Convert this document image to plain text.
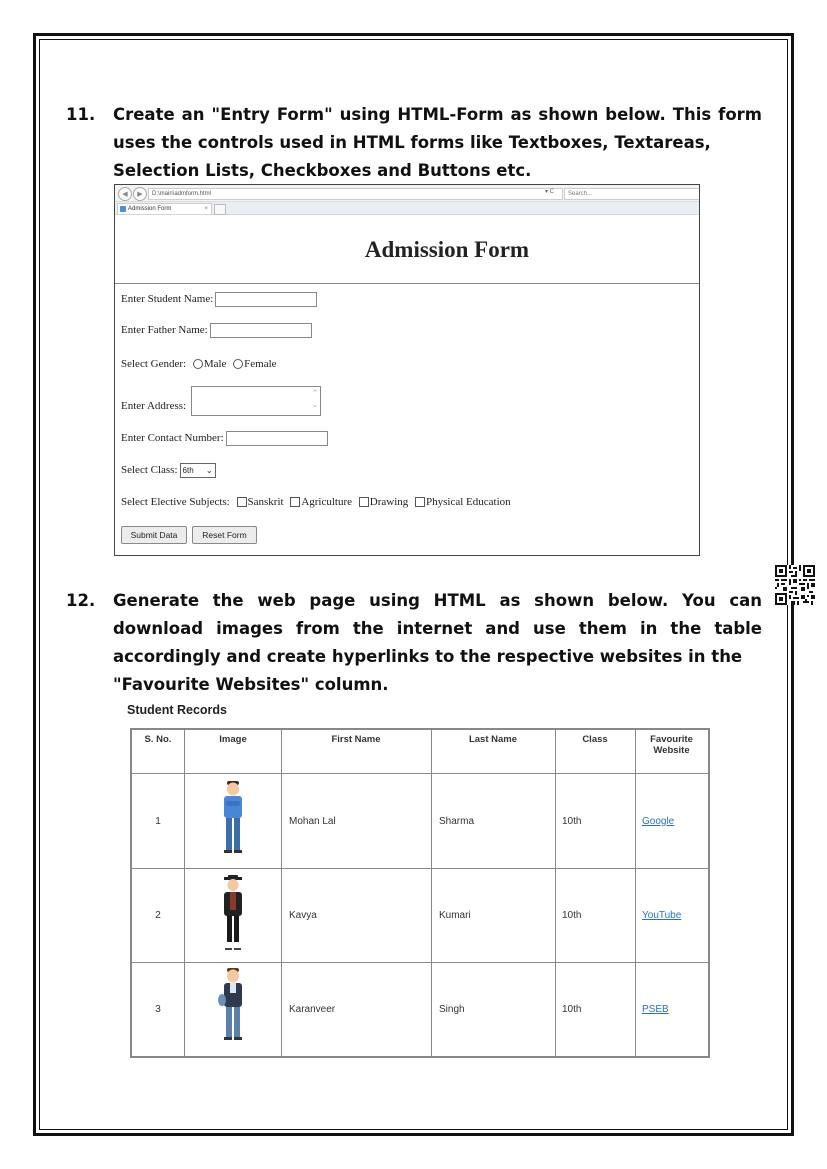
11. Create an "Entry Form" using HTML-Form as shown below. This form uses the controls used in HTML forms like Textboxes, Textareas,
Selection Lists, Checkboxes and Buttons etc.
◀	▶	D:\main\admform.html	▾ C	Search...
Admission Form	×
Admission Form
Enter Student Name:
Enter Father Name:
Select Gender: Male Female
Enter Address:
⌃
⌄
Enter Contact Number:
Select Class: 6th ⌄
Select Elective Subjects: Sanskrit Agriculture Drawing Physical Education
Submit Data	Reset Form
12. Generate the web page using HTML as shown below. You can download images from the internet and use them in the table accordingly and create hyperlinks to the respective websites in the
"Favourite Websites" column.
Student Records
S. No.	Image	First Name	Last Name	Class	Favourite Website

1		Mohan Lal	Sharma	10th	Google
2		Kavya	Kumari	10th	YouTube
3		Karanveer	Singh	10th	PSEB
